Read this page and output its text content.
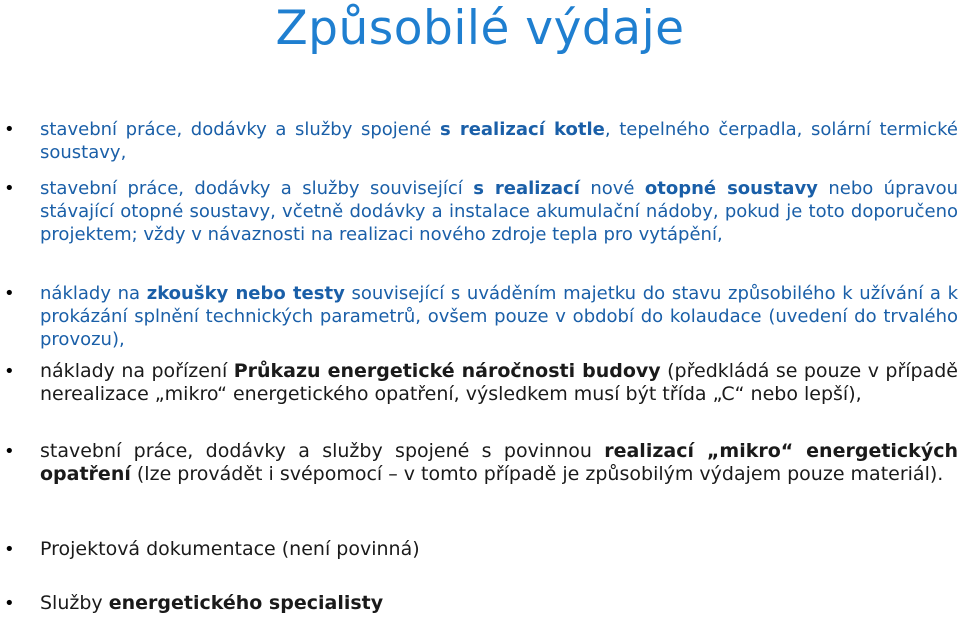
Způsobilé výdaje
• stavební práce, dodávky a služby spojené s realizací kotle, tepelného čerpadla, solární termické soustavy,
• stavební práce, dodávky a služby související s realizací nové otopné soustavy nebo úpravou stávající otopné soustavy, včetně dodávky a instalace akumulační nádoby, pokud je toto doporučeno projektem; vždy v návaznosti na realizaci nového zdroje tepla pro vytápění,
• náklady na zkoušky nebo testy související s uváděním majetku do stavu způsobilého k užívání a k prokázání splnění technických parametrů, ovšem pouze v období do kolaudace (uvedení do trvalého provozu),
• náklady na pořízení Průkazu energetické náročnosti budovy (předkládá se pouze v případě nerealizace „mikro“ energetického opatření, výsledkem musí být třída „C“ nebo lepší),
• stavební práce, dodávky a služby spojené s povinnou realizací „mikro“ energetických opatření (lze provádět i svépomocí – v tomto případě je způsobilým výdajem pouze materiál).
• Projektová dokumentace (není povinná)
• Služby energetického specialisty
